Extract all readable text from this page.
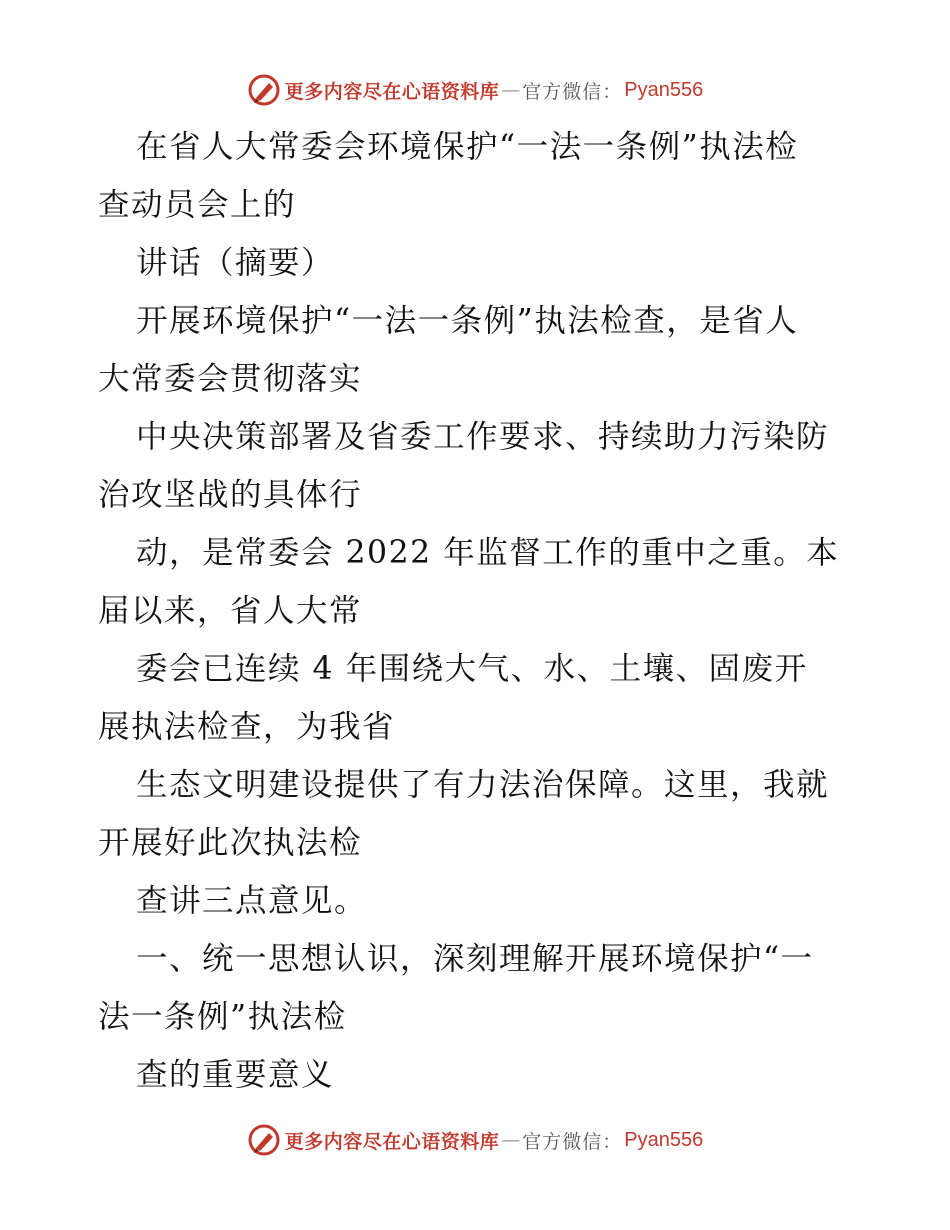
更多内容尽在心语资料库 — 官方微信： Pyan556
在省人大常委会环境保护“一法一条例”执法检
查动员会上的
讲话（摘要）
开展环境保护“一法一条例”执法检查，是省人
大常委会贯彻落实
中央决策部署及省委工作要求、持续助力污染防
治攻坚战的具体行
动，是常委会 2022 年监督工作的重中之重。本
届以来，省人大常
委会已连续 4 年围绕大气、水、土壤、固废开
展执法检查，为我省
生态文明建设提供了有力法治保障。这里，我就
开展好此次执法检
查讲三点意见。
一、统一思想认识，深刻理解开展环境保护“一
法一条例”执法检
查的重要意义
更多内容尽在心语资料库 — 官方微信： Pyan556
